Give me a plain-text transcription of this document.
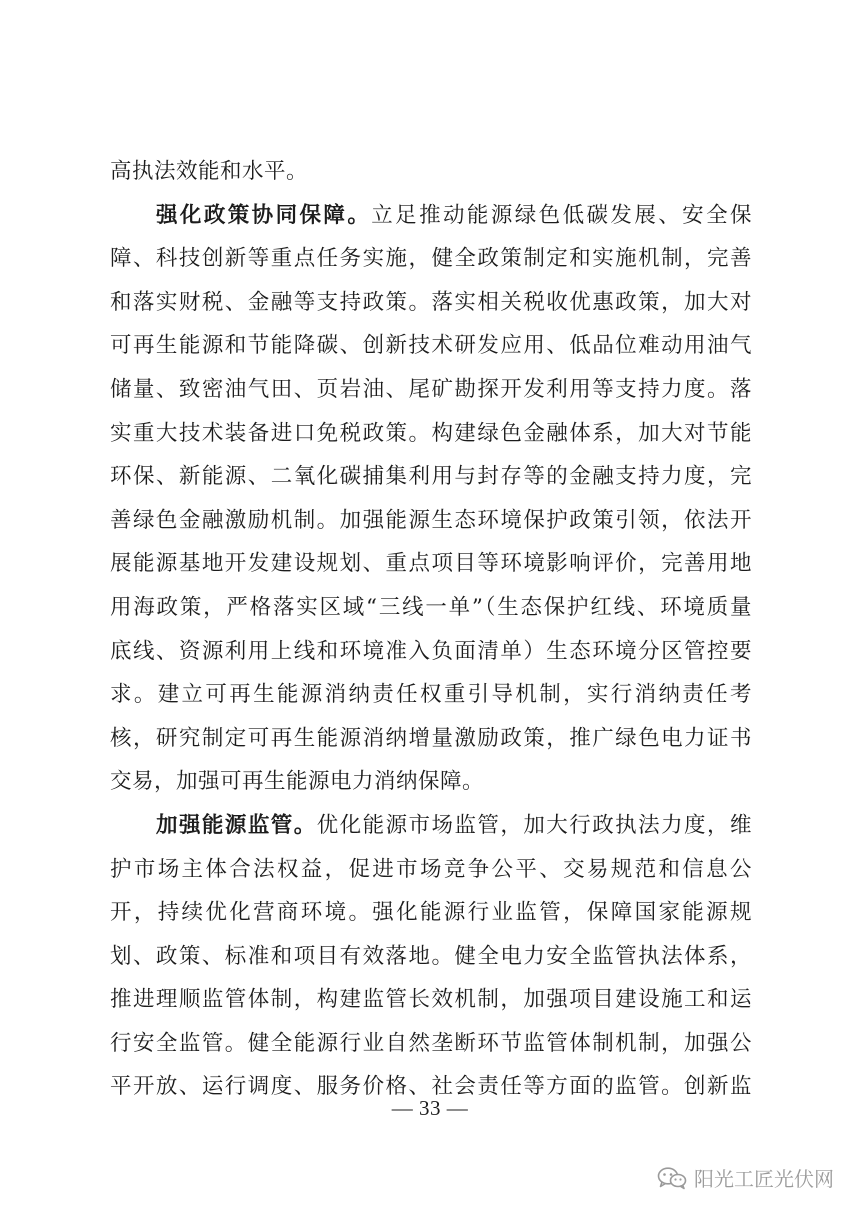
高执法效能和水平。
强化政策协同保障。立足推动能源绿色低碳发展、安全保
障、科技创新等重点任务实施，健全政策制定和实施机制，完善
和落实财税、金融等支持政策。落实相关税收优惠政策，加大对
可再生能源和节能降碳、创新技术研发应用、低品位难动用油气
储量、致密油气田、页岩油、尾矿勘探开发利用等支持力度。落
实重大技术装备进口免税政策。构建绿色金融体系，加大对节能
环保、新能源、二氧化碳捕集利用与封存等的金融支持力度，完
善绿色金融激励机制。加强能源生态环境保护政策引领，依法开
展能源基地开发建设规划、重点项目等环境影响评价，完善用地
用海政策，严格落实区域“三线一单”（生态保护红线、环境质量
底线、资源利用上线和环境准入负面清单）生态环境分区管控要
求。建立可再生能源消纳责任权重引导机制，实行消纳责任考
核，研究制定可再生能源消纳增量激励政策，推广绿色电力证书
交易，加强可再生能源电力消纳保障。
加强能源监管。优化能源市场监管，加大行政执法力度，维
护市场主体合法权益，促进市场竞争公平、交易规范和信息公
开，持续优化营商环境。强化能源行业监管，保障国家能源规
划、政策、标准和项目有效落地。健全电力安全监管执法体系，
推进理顺监管体制，构建监管长效机制，加强项目建设施工和运
行安全监管。健全能源行业自然垄断环节监管体制机制，加强公
平开放、运行调度、服务价格、社会责任等方面的监管。创新监
— 33 —
阳光工匠光伏网
